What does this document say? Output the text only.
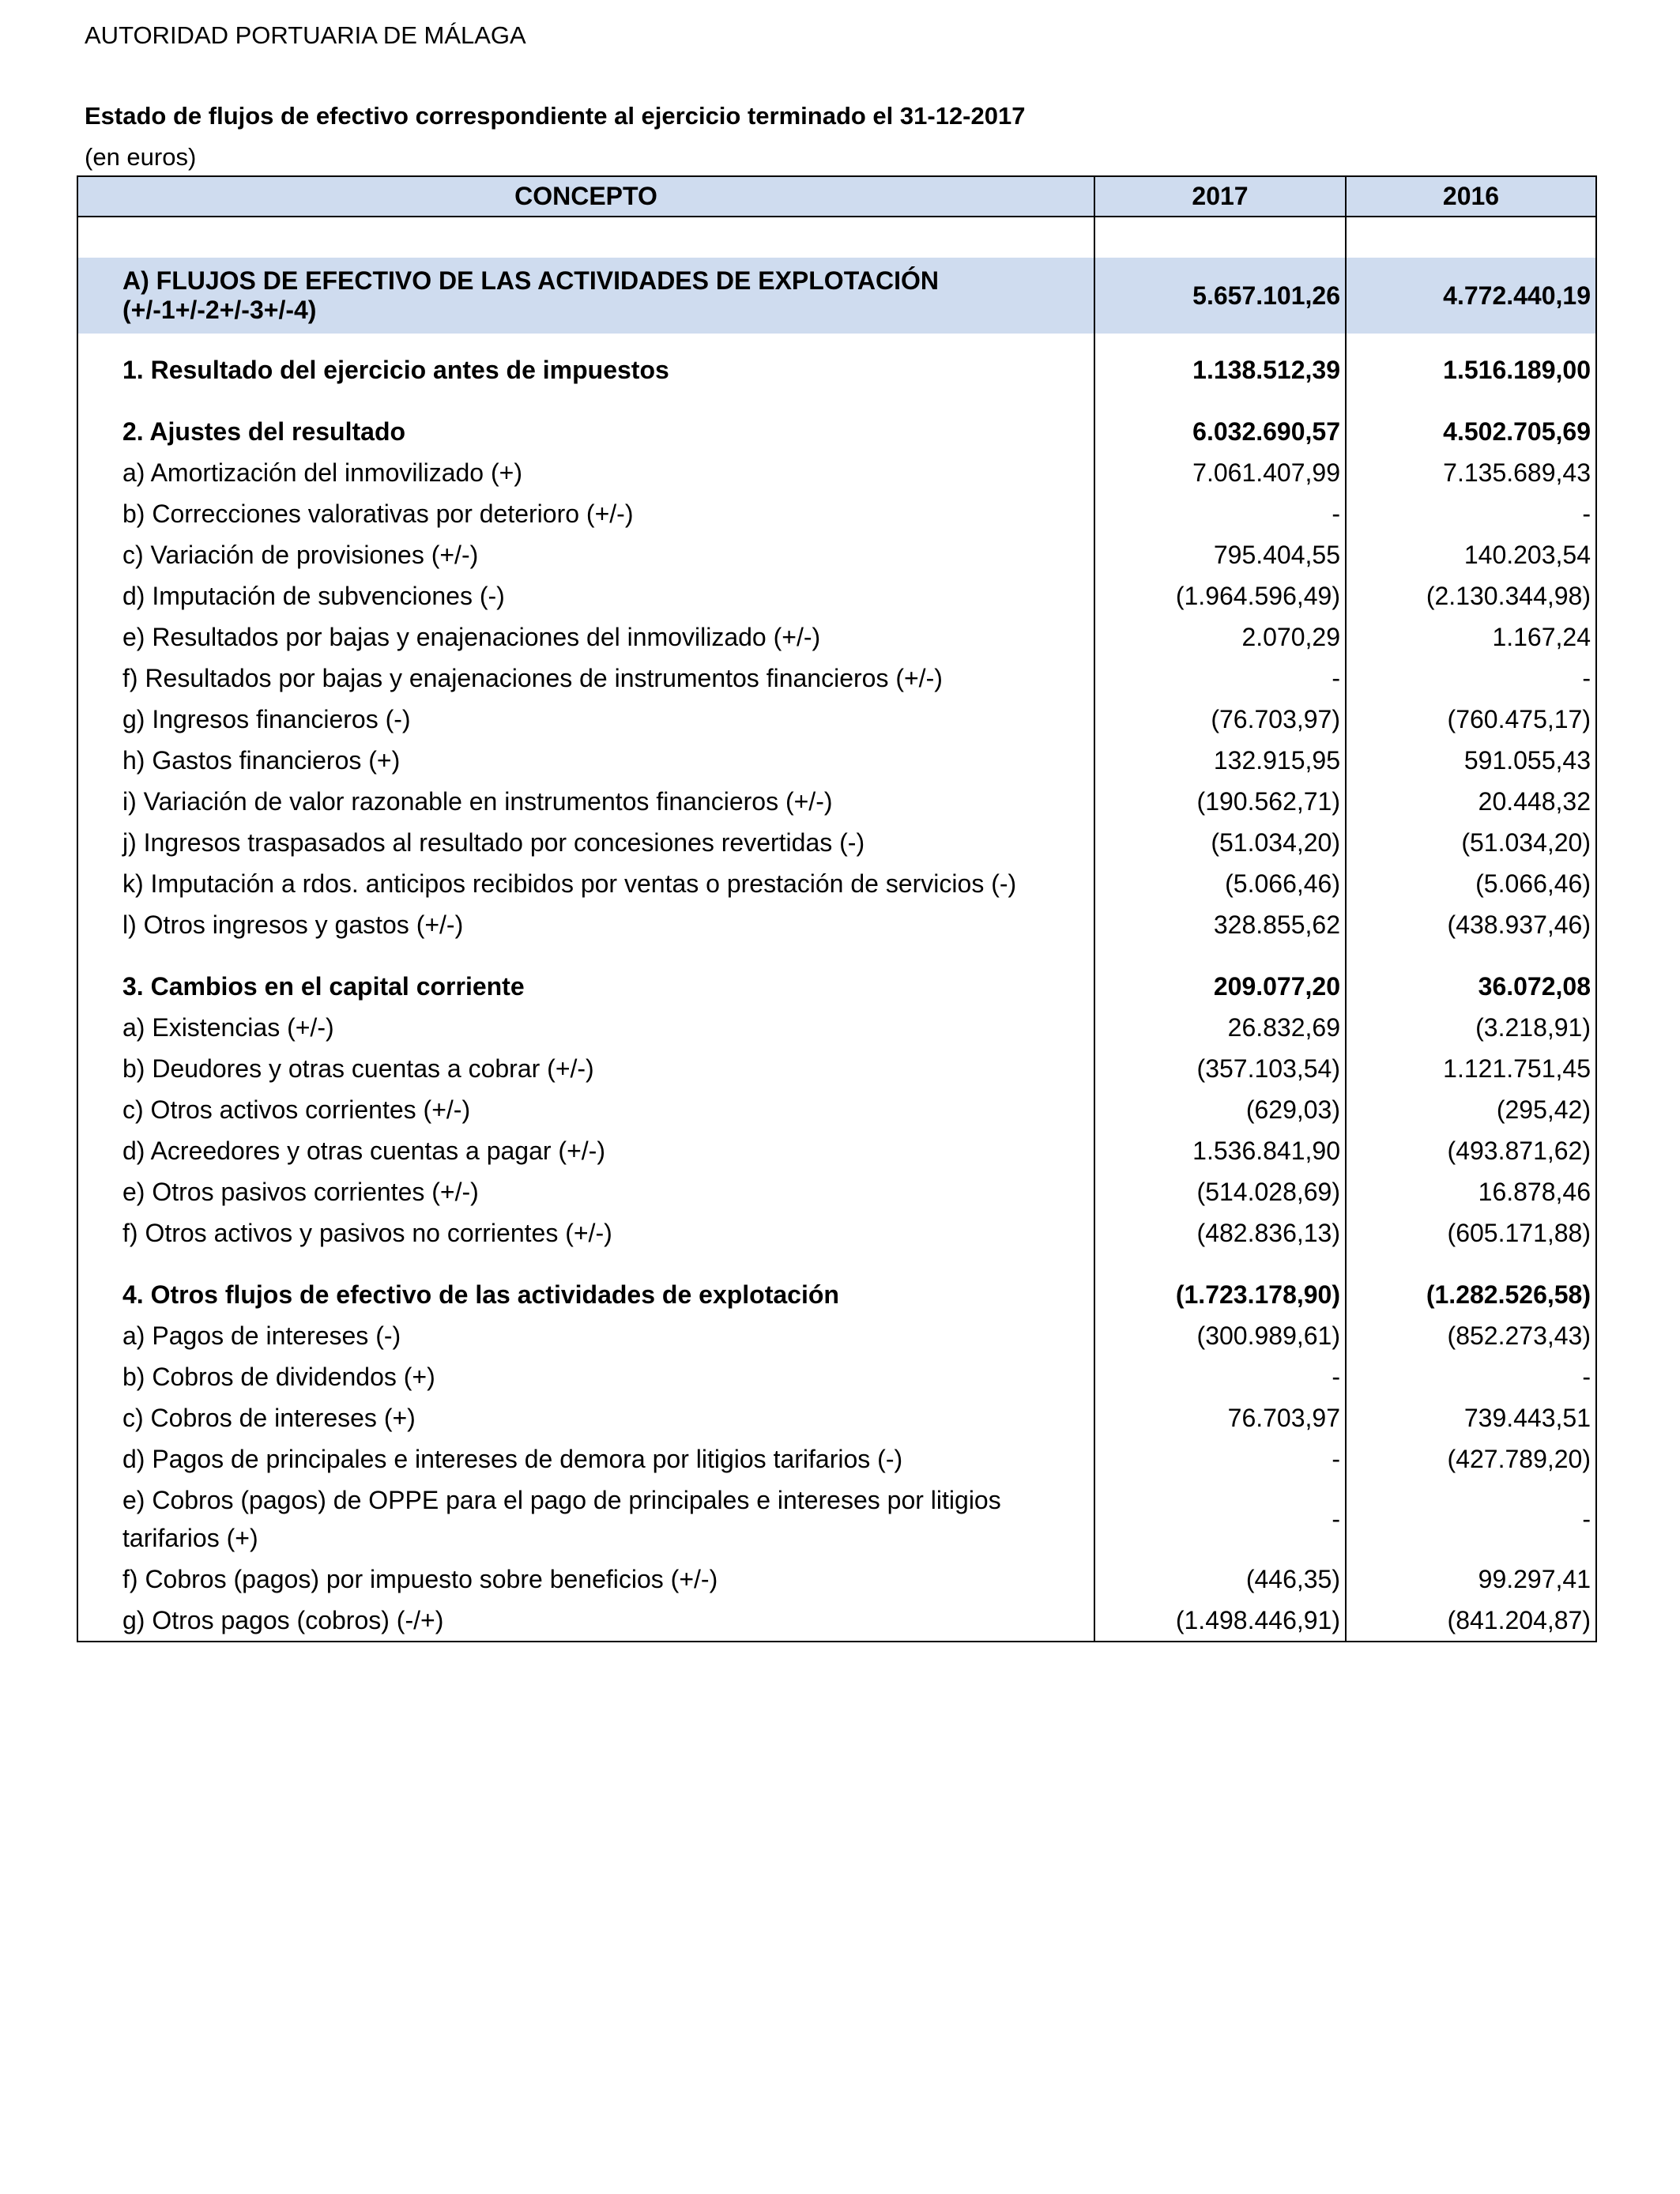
AUTORIDAD PORTUARIA DE MÁLAGA
Estado de flujos de efectivo correspondiente al ejercicio terminado el 31-12-2017
(en euros)
CONCEPTO	2017	2016

A) FLUJOS DE EFECTIVO DE LAS ACTIVIDADES DE EXPLOTACIÓN (+/-1+/-2+/-3+/-4)	5.657.101,26	4.772.440,19

1. Resultado del ejercicio antes de impuestos	1.138.512,39	1.516.189,00

2. Ajustes del resultado	6.032.690,57	4.502.705,69
a) Amortización del inmovilizado (+)	7.061.407,99	7.135.689,43
b) Correcciones valorativas por deterioro (+/-)	-	-
c) Variación de provisiones (+/-)	795.404,55	140.203,54
d) Imputación de subvenciones (-)	(1.964.596,49)	(2.130.344,98)
e) Resultados por bajas y enajenaciones del inmovilizado (+/-)	2.070,29	1.167,24
f) Resultados por bajas y enajenaciones de instrumentos financieros (+/-)	-	-
g) Ingresos financieros (-)	(76.703,97)	(760.475,17)
h) Gastos financieros (+)	132.915,95	591.055,43
i) Variación de valor razonable en instrumentos financieros (+/-)	(190.562,71)	20.448,32
j) Ingresos traspasados al resultado por concesiones revertidas (-)	(51.034,20)	(51.034,20)
k) Imputación a rdos. anticipos recibidos por ventas o prestación de servicios (-)	(5.066,46)	(5.066,46)
l) Otros ingresos y gastos (+/-)	328.855,62	(438.937,46)

3. Cambios en el capital corriente	209.077,20	36.072,08
a) Existencias (+/-)	26.832,69	(3.218,91)
b) Deudores y otras cuentas a cobrar (+/-)	(357.103,54)	1.121.751,45
c) Otros activos corrientes (+/-)	(629,03)	(295,42)
d) Acreedores y otras cuentas a pagar (+/-)	1.536.841,90	(493.871,62)
e) Otros pasivos corrientes (+/-)	(514.028,69)	16.878,46
f) Otros activos y pasivos no corrientes (+/-)	(482.836,13)	(605.171,88)

4. Otros flujos de efectivo de las actividades de explotación	(1.723.178,90)	(1.282.526,58)
a) Pagos de intereses (-)	(300.989,61)	(852.273,43)
b) Cobros de dividendos (+)	-	-
c) Cobros de intereses (+)	76.703,97	739.443,51
d) Pagos de principales e intereses de demora por litigios tarifarios (-)	-	(427.789,20)
e) Cobros (pagos) de OPPE para el pago de principales e intereses por litigios tarifarios (+)	-	-
f) Cobros (pagos) por impuesto sobre beneficios (+/-)	(446,35)	99.297,41
g) Otros pagos (cobros) (-/+)	(1.498.446,91)	(841.204,87)
